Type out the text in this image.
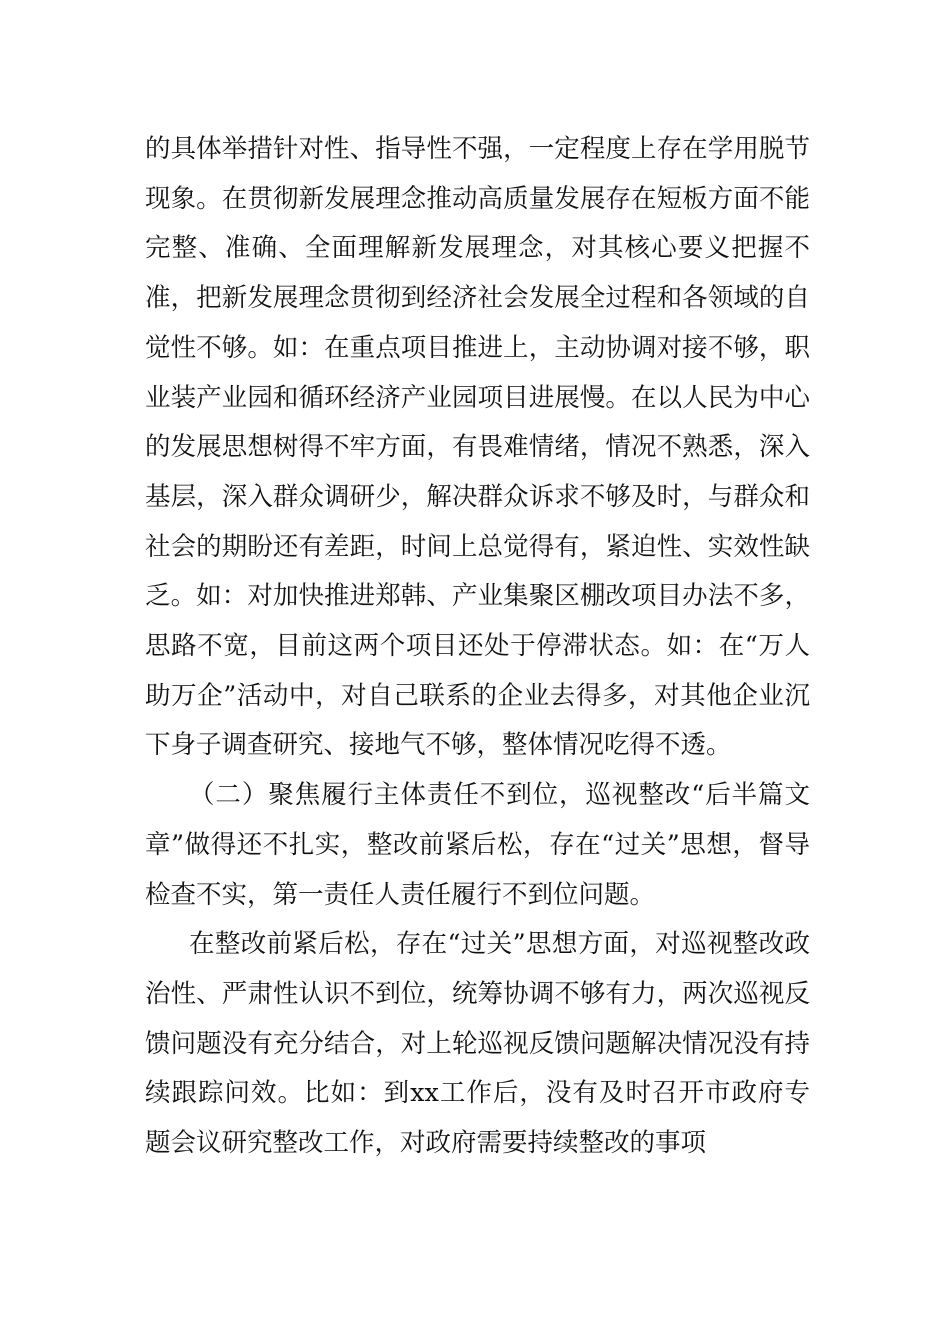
的具体举措针对性、指导性不强，一定程度上存在学用脱节现象。在贯彻新发展理念推动高质量发展存在短板方面不能完整、准确、全面理解新发展理念，对其核心要义把握不准，把新发展理念贯彻到经济社会发展全过程和各领域的自觉性不够。如：在重点项目推进上，主动协调对接不够，职业装产业园和循环经济产业园项目进展慢。在以人民为中心的发展思想树得不牢方面，有畏难情绪，情况不熟悉，深入基层，深入群众调研少，解决群众诉求不够及时，与群众和社会的期盼还有差距，时间上总觉得有，紧迫性、实效性缺乏。如：对加快推进郑韩、产业集聚区棚改项目办法不多，思路不宽，目前这两个项目还处于停滞状态。如：在“万人助万企”活动中，对自己联系的企业去得多，对其他企业沉下身子调查研究、接地气不够，整体情况吃得不透。

（二）聚焦履行主体责任不到位，巡视整改“后半篇文章”做得还不扎实，整改前紧后松，存在“过关”思想，督导检查不实，第一责任人责任履行不到位问题。

在整改前紧后松，存在“过关”思想方面，对巡视整改政治性、严肃性认识不到位，统筹协调不够有力，两次巡视反馈问题没有充分结合，对上轮巡视反馈问题解决情况没有持续跟踪问效。比如：到xx工作后，没有及时召开市政府专题会议研究整改工作，对政府需要持续整改的事项
